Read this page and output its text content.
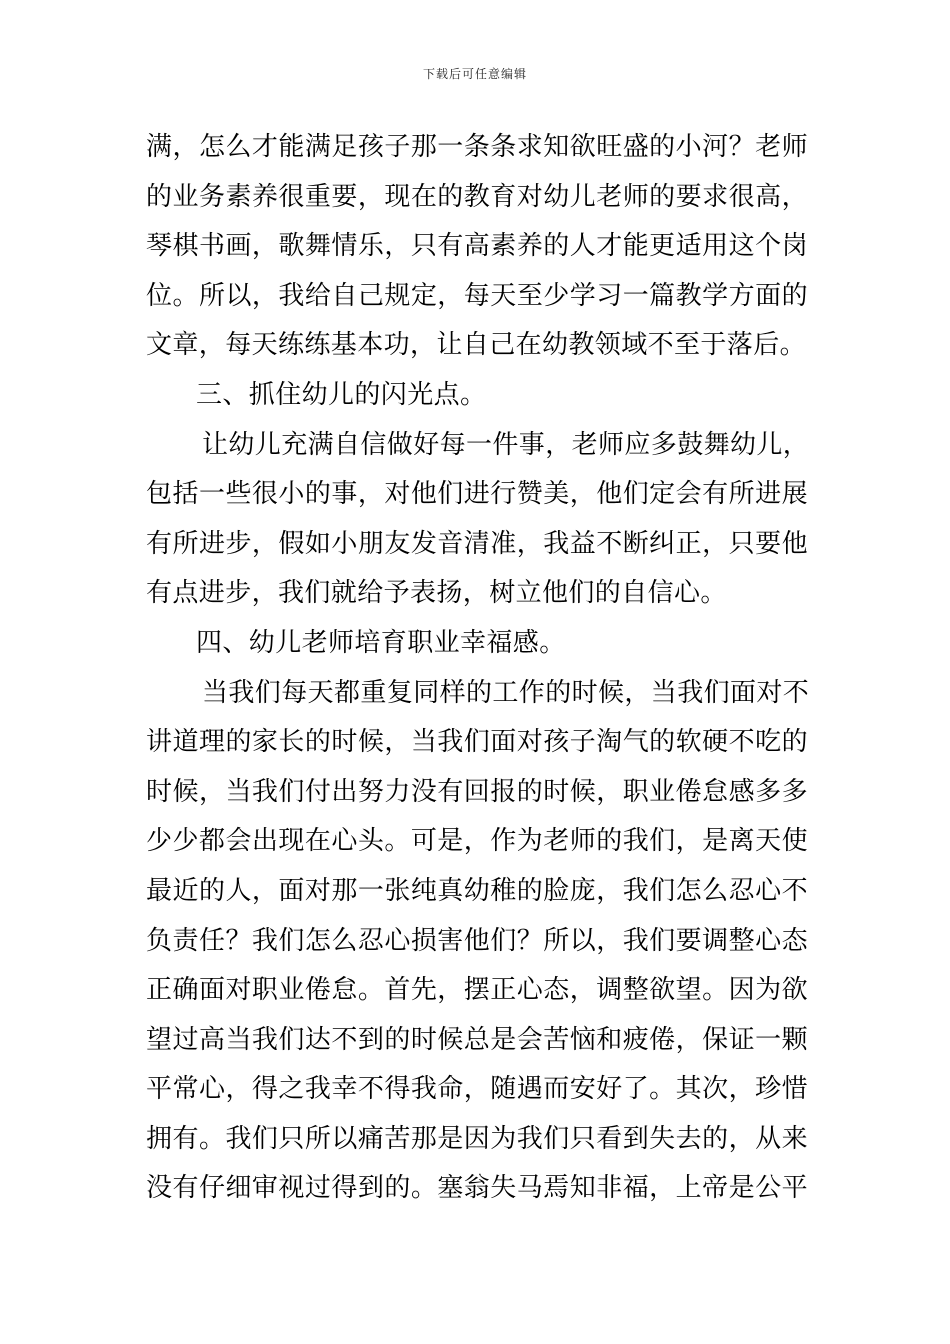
下载后可任意编辑
满，怎么才能满足孩子那一条条求知欲旺盛的小河？老师
的业务素养很重要，现在的教育对幼儿老师的要求很高，
琴棋书画，歌舞情乐，只有高素养的人才能更适用这个岗
位。所以，我给自己规定，每天至少学习一篇教学方面的
文章，每天练练基本功，让自己在幼教领域不至于落后。
三、抓住幼儿的闪光点。
让幼儿充满自信做好每一件事，老师应多鼓舞幼儿，
包括一些很小的事，对他们进行赞美，他们定会有所进展
有所进步，假如小朋友发音清准，我益不断纠正，只要他
有点进步，我们就给予表扬，树立他们的自信心。
四、幼儿老师培育职业幸福感。
当我们每天都重复同样的工作的时候，当我们面对不
讲道理的家长的时候，当我们面对孩子淘气的软硬不吃的
时候，当我们付出努力没有回报的时候，职业倦怠感多多
少少都会出现在心头。可是，作为老师的我们，是离天使
最近的人，面对那一张纯真幼稚的脸庞，我们怎么忍心不
负责任？我们怎么忍心损害他们？所以，我们要调整心态
正确面对职业倦怠。首先，摆正心态，调整欲望。因为欲
望过高当我们达不到的时候总是会苦恼和疲倦，保证一颗
平常心，得之我幸不得我命，随遇而安好了。其次，珍惜
拥有。我们只所以痛苦那是因为我们只看到失去的，从来
没有仔细审视过得到的。塞翁失马焉知非福，上帝是公平
